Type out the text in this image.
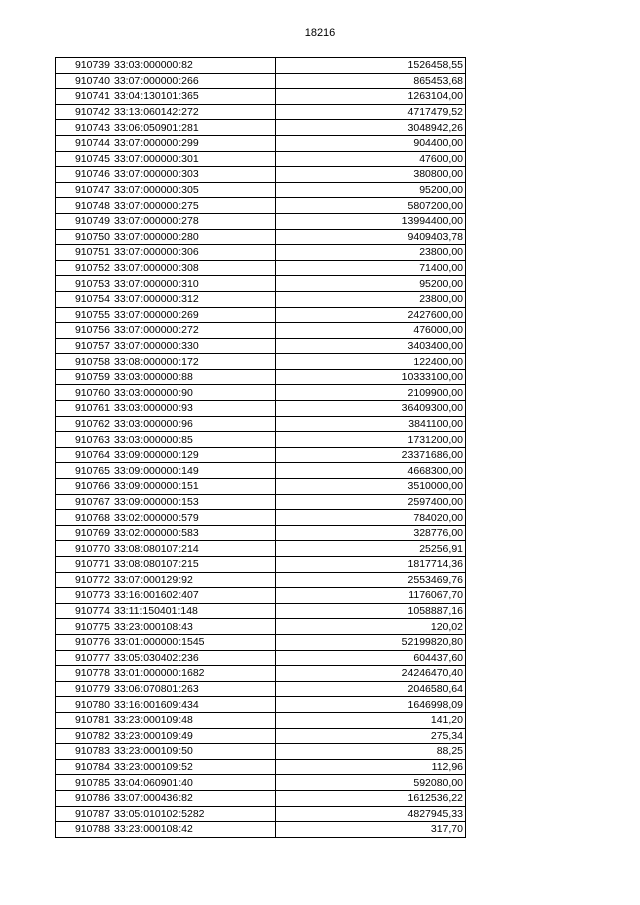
18216
910739	33:03:000000:82	1526458,55
910740	33:07:000000:266	865453,68
910741	33:04:130101:365	1263104,00
910742	33:13:060142:272	4717479,52
910743	33:06:050901:281	3048942,26
910744	33:07:000000:299	904400,00
910745	33:07:000000:301	47600,00
910746	33:07:000000:303	380800,00
910747	33:07:000000:305	95200,00
910748	33:07:000000:275	5807200,00
910749	33:07:000000:278	13994400,00
910750	33:07:000000:280	9409403,78
910751	33:07:000000:306	23800,00
910752	33:07:000000:308	71400,00
910753	33:07:000000:310	95200,00
910754	33:07:000000:312	23800,00
910755	33:07:000000:269	2427600,00
910756	33:07:000000:272	476000,00
910757	33:07:000000:330	3403400,00
910758	33:08:000000:172	122400,00
910759	33:03:000000:88	10333100,00
910760	33:03:000000:90	2109900,00
910761	33:03:000000:93	36409300,00
910762	33:03:000000:96	3841100,00
910763	33:03:000000:85	1731200,00
910764	33:09:000000:129	23371686,00
910765	33:09:000000:149	4668300,00
910766	33:09:000000:151	3510000,00
910767	33:09:000000:153	2597400,00
910768	33:02:000000:579	784020,00
910769	33:02:000000:583	328776,00
910770	33:08:080107:214	25256,91
910771	33:08:080107:215	1817714,36
910772	33:07:000129:92	2553469,76
910773	33:16:001602:407	1176067,70
910774	33:11:150401:148	1058887,16
910775	33:23:000108:43	120,02
910776	33:01:000000:1545	52199820,80
910777	33:05:030402:236	604437,60
910778	33:01:000000:1682	24246470,40
910779	33:06:070801:263	2046580,64
910780	33:16:001609:434	1646998,09
910781	33:23:000109:48	141,20
910782	33:23:000109:49	275,34
910783	33:23:000109:50	88,25
910784	33:23:000109:52	112,96
910785	33:04:060901:40	592080,00
910786	33:07:000436:82	1612536,22
910787	33:05:010102:5282	4827945,33
910788	33:23:000108:42	317,70
